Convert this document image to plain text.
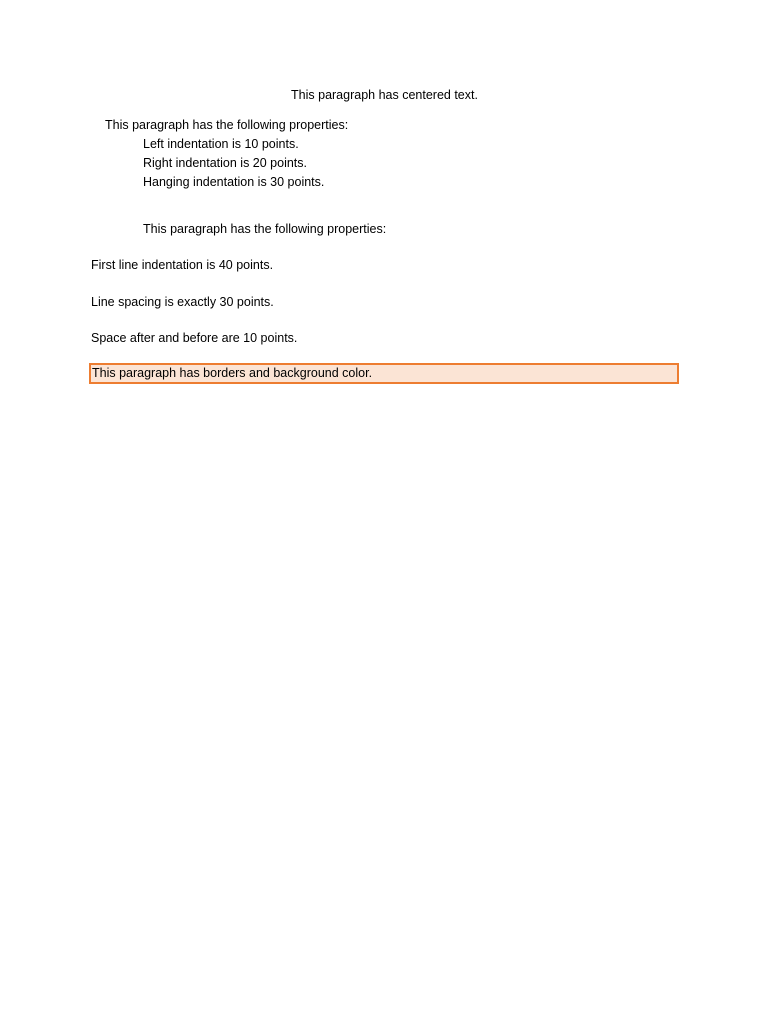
This paragraph has centered text.
This paragraph has the following properties:
Left indentation is 10 points.
Right indentation is 20 points.
Hanging indentation is 30 points.
This paragraph has the following properties:
First line indentation is 40 points.
Line spacing is exactly 30 points.
Space after and before are 10 points.
This paragraph has borders and background color.
